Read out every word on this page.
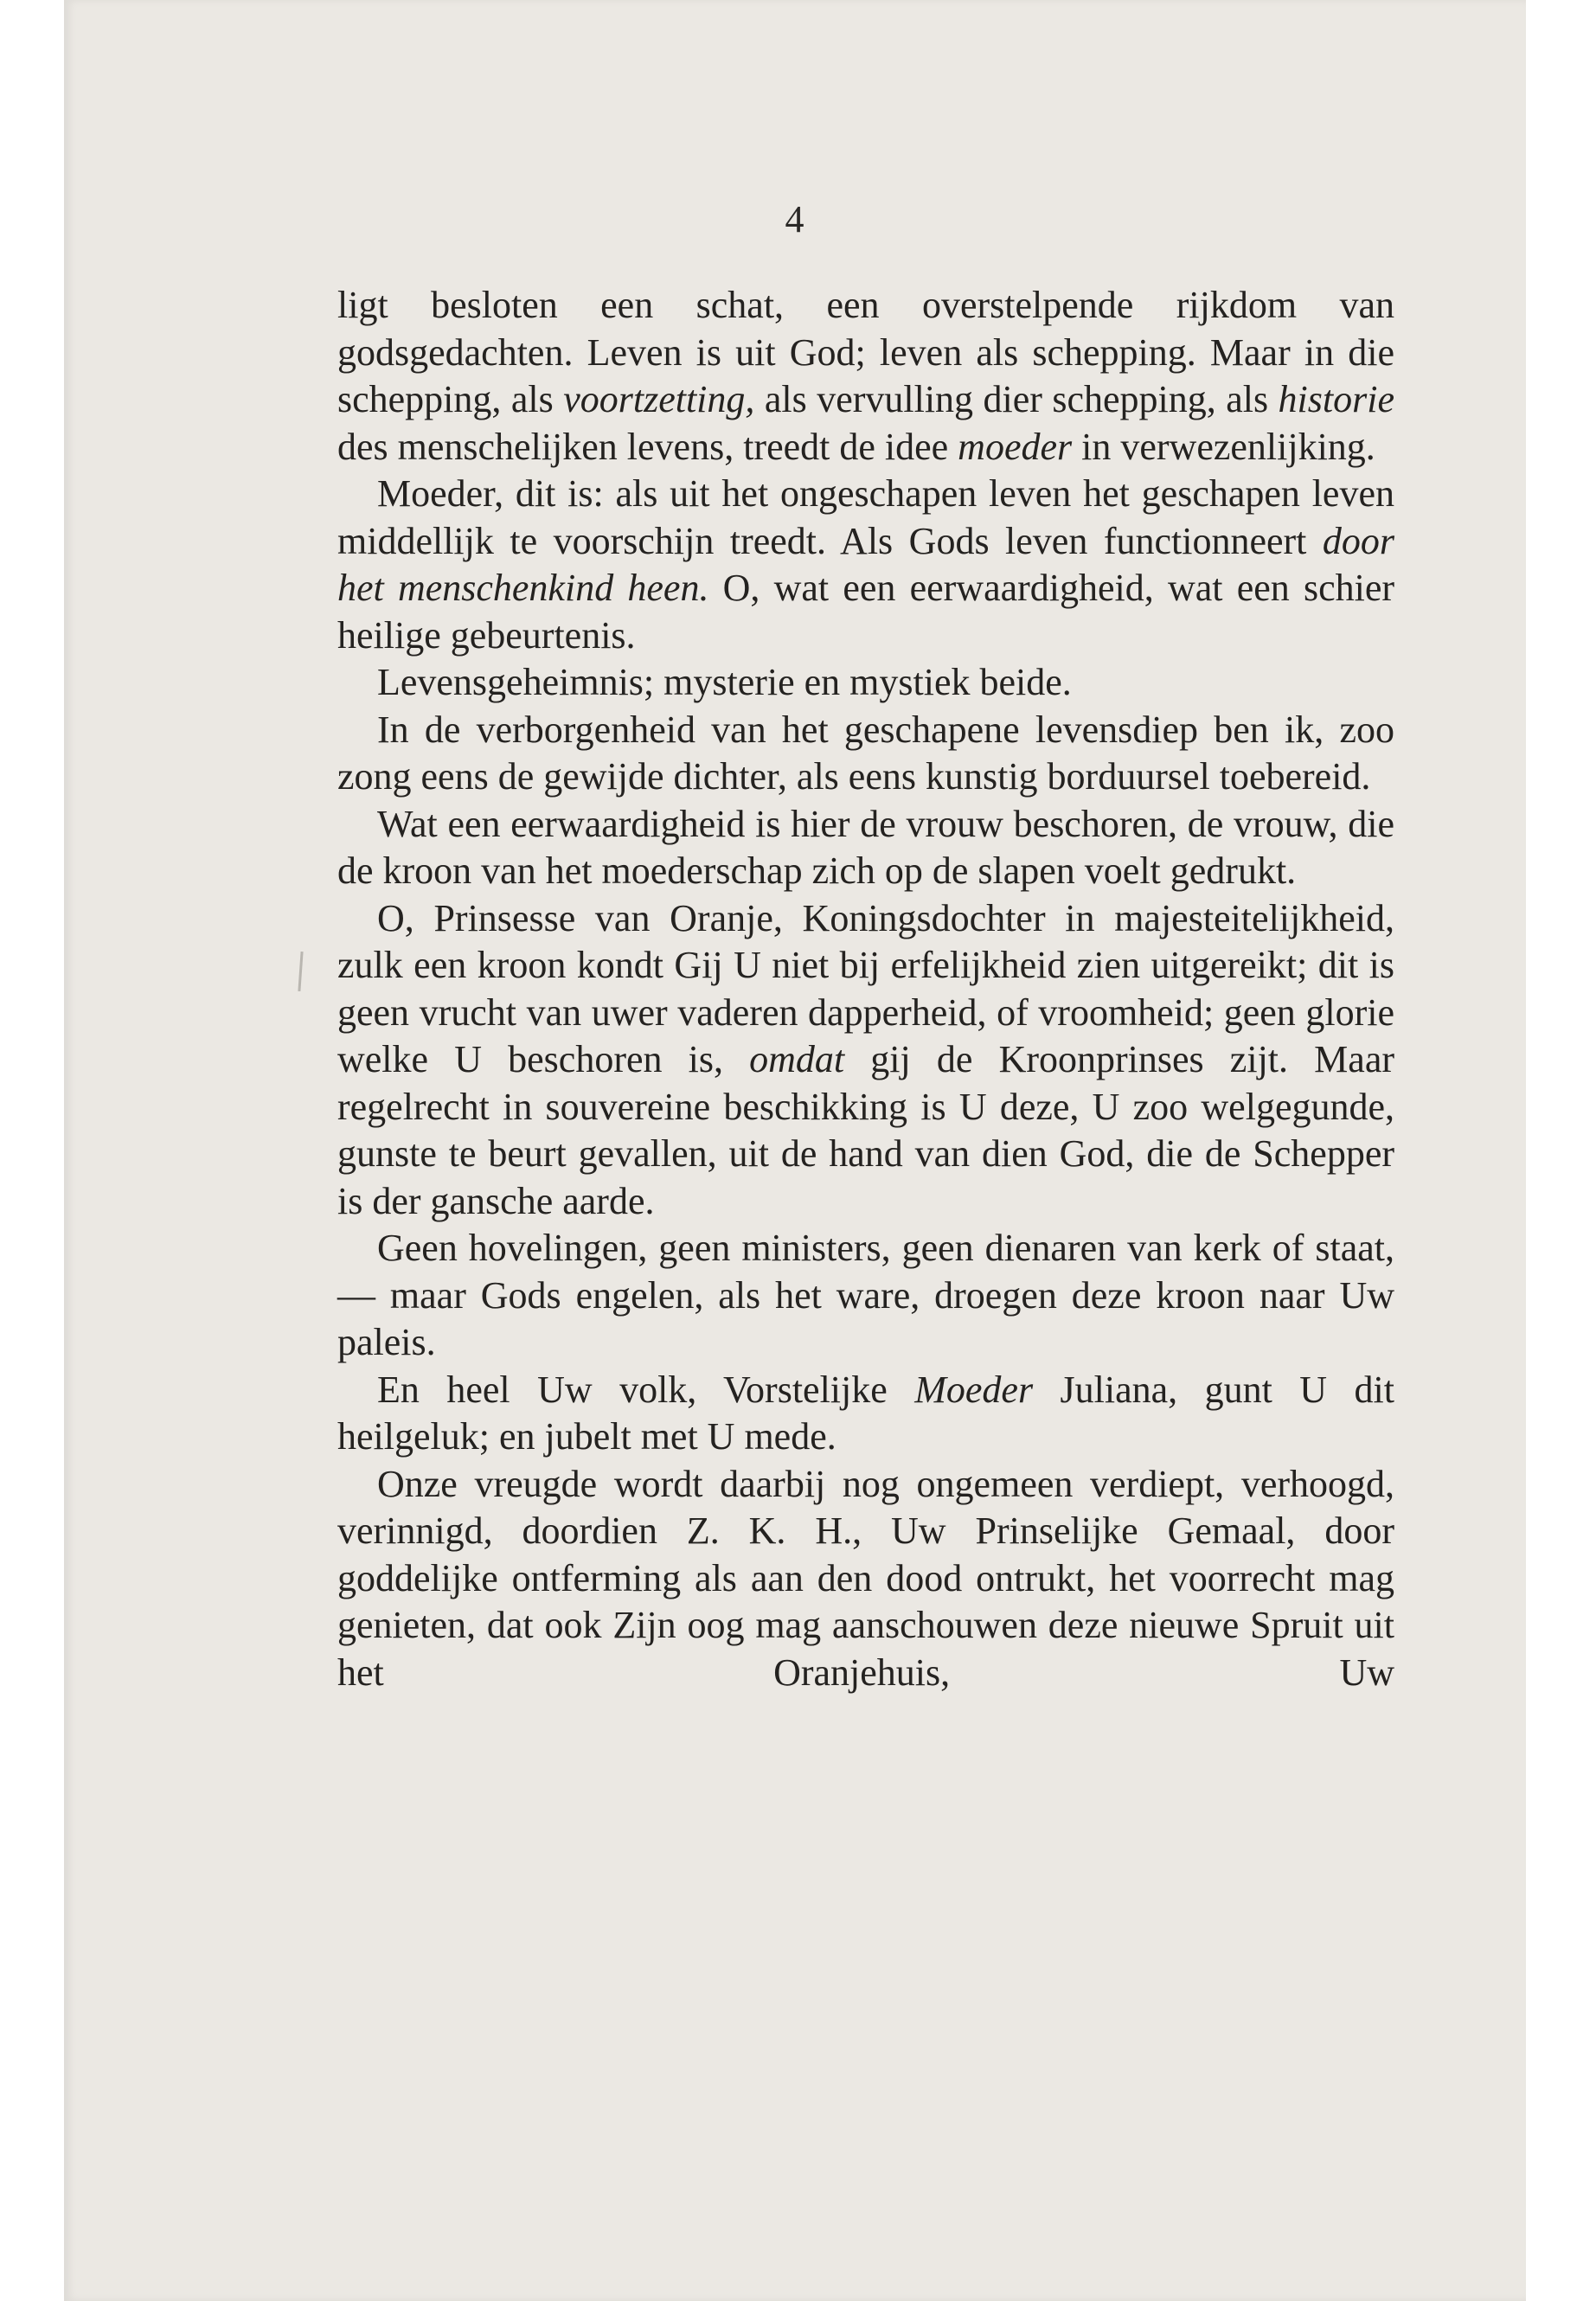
4

ligt besloten een schat, een overstelpende rijkdom van godsgedachten. Leven is uit God; leven als schepping. Maar in die schepping, als voortzetting, als vervulling dier schepping, als historie des menschelijken levens, treedt de idee moeder in verwezenlijking.

Moeder, dit is: als uit het ongeschapen leven het geschapen leven middellijk te voorschijn treedt. Als Gods leven functionneert door het menschenkind heen. O, wat een eerwaardigheid, wat een schier heilige gebeurtenis.

Levensgeheimnis; mysterie en mystiek beide.

In de verborgenheid van het geschapene levensdiep ben ik, zoo zong eens de gewijde dichter, als eens kunstig borduursel toebereid.

Wat een eerwaardigheid is hier de vrouw beschoren, de vrouw, die de kroon van het moederschap zich op de slapen voelt gedrukt.

O, Prinsesse van Oranje, Koningsdochter in majesteitelijkheid, zulk een kroon kondt Gij U niet bij erfelijkheid zien uitgereikt; dit is geen vrucht van uwer vaderen dapperheid, of vroomheid; geen glorie welke U beschoren is, omdat gij de Kroonprinses zijt. Maar regelrecht in souvereine beschikking is U deze, U zoo welgegunde, gunste te beurt gevallen, uit de hand van dien God, die de Schepper is der gansche aarde.

Geen hovelingen, geen ministers, geen dienaren van kerk of staat, — maar Gods engelen, als het ware, droegen deze kroon naar Uw paleis.

En heel Uw volk, Vorstelijke Moeder Juliana, gunt U dit heilgeluk; en jubelt met U mede.

Onze vreugde wordt daarbij nog ongemeen verdiept, verhoogd, verinnigd, doordien Z. K. H., Uw Prinselijke Gemaal, door goddelijke ontferming als aan den dood ontrukt, het voorrecht mag genieten, dat ook Zijn oog mag aanschouwen deze nieuwe Spruit uit het Oranjehuis, Uw
